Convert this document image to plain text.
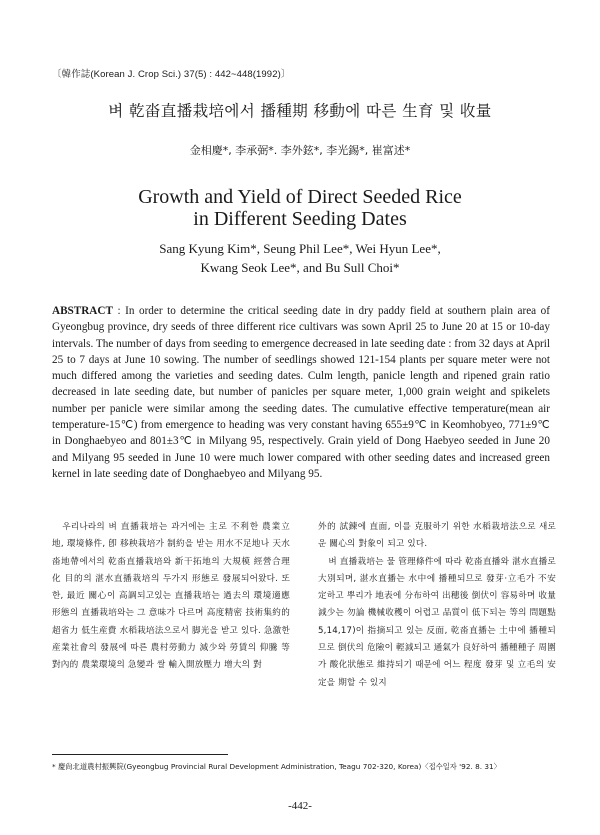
〔韓作誌(Korean J. Crop Sci.) 37(5) : 442~448(1992)〕
벼 乾畓直播栽培에서 播種期 移動에 따른 生育 및 收量
金相慶*, 李承弼*. 李外鉉*, 李光錫*, 崔富述*
Growth and Yield of Direct Seeded Rice
in Different Seeding Dates
Sang Kyung Kim*, Seung Phil Lee*, Wei Hyun Lee*,
Kwang Seok Lee*, and Bu Sull Choi*
ABSTRACT : In order to determine the critical seeding date in dry paddy field at southern plain area of Gyeongbug province, dry seeds of three different rice cultivars was sown April 25 to June 20 at 15 or 10-day intervals. The number of days from seeding to emergence decreased in late seeding date : from 32 days at April 25 to 7 days at June 10 sowing. The number of seedlings showed 121-154 plants per square meter were not much differed among the varieties and seeding dates. Culm length, panicle length and ripened grain ratio decreased in late seeding date, but number of panicles per square meter, 1,000 grain weight and spikelets number per panicle were similar among the seeding dates. The cumulative effective temperature(mean air temperature-15℃) from emergence to heading was very constant having 655±9℃ in Keomhobyeo, 771±9℃ in Donghaebyeo and 801±3℃ in Milyang 95, respectively. Grain yield of Dong Haebyeo seeded in June 20 and Milyang 95 seeded in June 10 were much lower compared with other seeding dates and increased green kernel in late seeding date of Donghaebyeo and Milyang 95.

우리나라의 벼 直播栽培는 과거에는 主로 不利한 農業立地, 環境條件, 卽 移秧栽培가 制約을 받는 用水不足地나 天水畓地帶에서의 乾畓直播栽培와 新干拓地의 大規模 經營合理化 目的의 湛水直播栽培의 두가지 形態로 發展되어왔다. 또한, 最近 關心이 高調되고있는 直播栽培는 過去의 環境適應形態의 直播栽培와는 그 意味가 다르며 高度精密 技術集約的 超省力 低生産費 水稻栽培法으로서 脚光을 받고 있다. 急激한 産業社會의 發展에 따른 農村勞動力 減少와 勞賃의 仰騰 等 對內的 農業環境의 急變과 쌀 輸入開放壓力 增大의 對

外的 試鍊에 直面, 이를 克服하기 위한 水稻栽培法으로 새로운 關心의 對象이 되고 있다.

벼 直播栽培는 물 管理條件에 따라 乾畓直播와 湛水直播로 大別되며, 湛水直播는 水中에 播種되므로 發芽·立毛가 不安定하고 뿌리가 地表에 分布하여 出穗後 倒伏이 容易하며 收量減少는 勿論 機械收穫이 어렵고 品質이 低下되는 等의 問題點5,14,17)이 指摘되고 있는 反面, 乾畓直播는 土中에 播種되므로 倒伏의 危險이 輕減되고 通氣가 良好하여 播種種子 周圍가 酸化狀態로 維持되기 때문에 어느 程度 發芽 및 立毛의 安定을 期할 수 있지

* 慶尙北道農村振興院(Gyeongbug Provincial Rural Development Administration, Teagu 702-320, Korea)〈접수일자 '92. 8. 31〉
-442-
